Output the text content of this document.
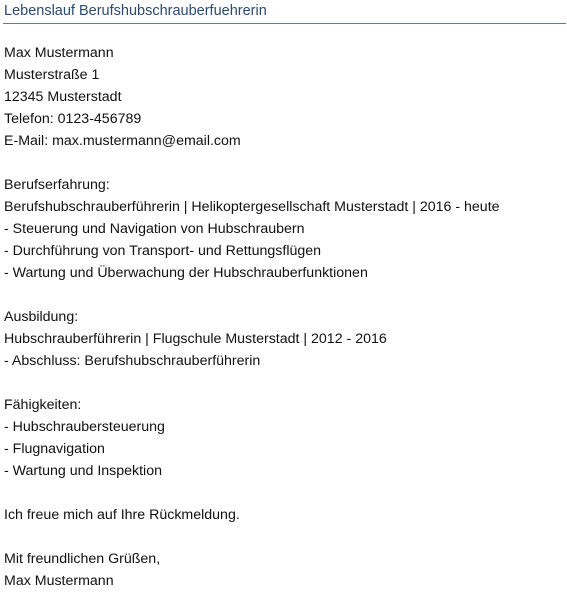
Lebenslauf Berufshubschrauberfuehrerin
Max Mustermann
Musterstraße 1
12345 Musterstadt
Telefon: 0123-456789
E-Mail: max.mustermann@email.com
Berufserfahrung:
Berufshubschrauberführerin | Helikoptergesellschaft Musterstadt | 2016 - heute
- Steuerung und Navigation von Hubschraubern
- Durchführung von Transport- und Rettungsflügen
- Wartung und Überwachung der Hubschrauberfunktionen
Ausbildung:
Hubschrauberführerin | Flugschule Musterstadt | 2012 - 2016
- Abschluss: Berufshubschrauberführerin
Fähigkeiten:
- Hubschraubersteuerung
- Flugnavigation
- Wartung und Inspektion
Ich freue mich auf Ihre Rückmeldung.
Mit freundlichen Grüßen,
Max Mustermann
